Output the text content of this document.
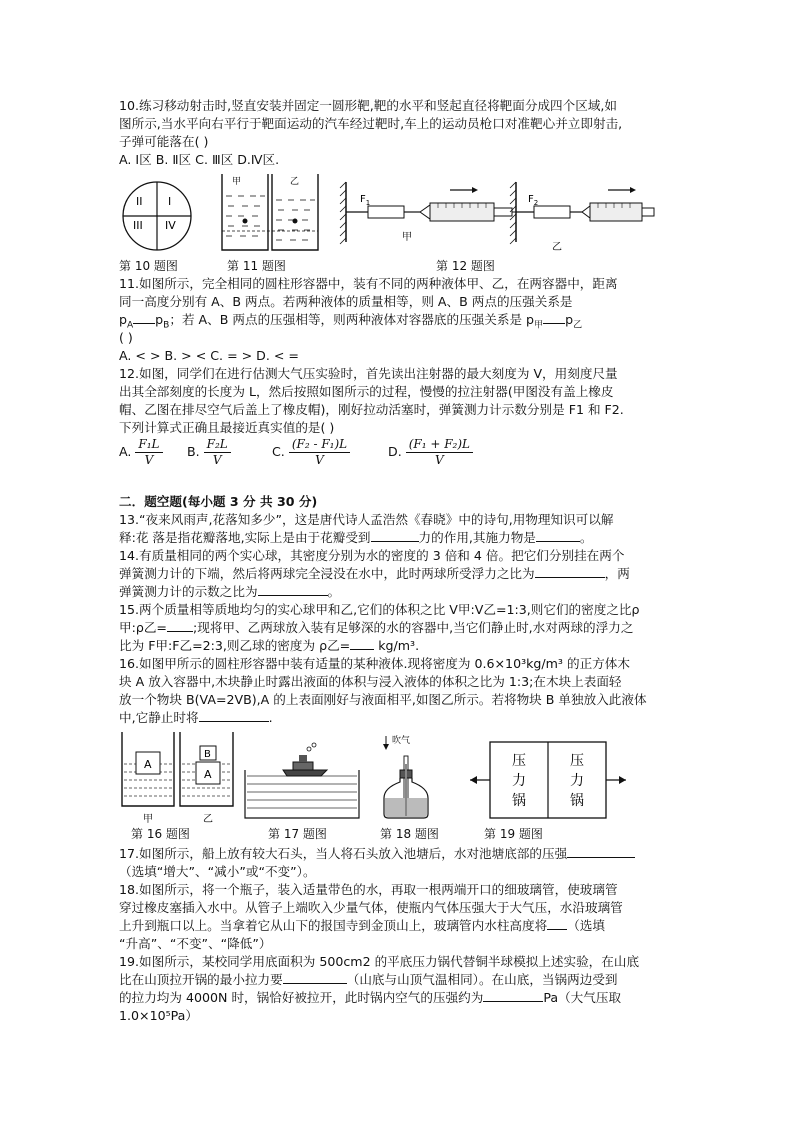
10.练习移动射击时,竖直安装并固定一圆形靶,靶的水平和竖起直径将靶面分成四个区域,如
图所示,当水平向右平行于靶面运动的汽车经过靶时,车上的运动员枪口对准靶心并立即射击,
子弹可能落在( )
A. Ⅰ区 B. Ⅱ区 C. Ⅲ区 D.Ⅳ区.
I
II
III IV
甲	乙
$F_1$
甲
$F_2$
乙
第 10 题图	第 11 题图	第 12 题图
11.如图所示，完全相同的圆柱形容器中，装有不同的两种液体甲、乙，在两容器中，距离
同一高度分别有 A、B 两点。若两种液体的质量相等，则 A、B 两点的压强关系是
$p_A$ $p_B$；若 A、B 两点的压强相等，则两种液体对容器底的压强关系是 $p_甲$ $p_乙$
( )
A. < > B. > < C. = > D. < =
12.如图，同学们在进行估测大气压实验时，首先读出注射器的最大刻度为 V，用刻度尺量
出其全部刻度的长度为 L，然后按照如图所示的过程，慢慢的拉注射器(甲图没有盖上橡皮
帽、乙图在排尽空气后盖上了橡皮帽)，刚好拉动活塞时，弹簧测力计示数分别是 F1 和 F2.
下列计算式正确且最接近真实值的是( )
A. $\frac{\text{F₁L}}{V} B$. $\frac{\text{F₂L}}{V}$	C. $\frac{\text{(F₂ - F₁)L}}{V}$	D. $\frac{\text{(F₁ + F₂)L}}{V}$
二．题空题(每小题 3 分 共 30 分)
13.“夜来风雨声,花落知多少”，这是唐代诗人孟浩然《春晓》中的诗句,用物理知识可以解
释:花 落是指花瓣落地,实际上是由于花瓣受到	力的作用,其施力物是	。
14.有质量相同的两个实心球，其密度分别为水的密度的 3 倍和 4 倍。把它们分别挂在两个
弹簧测力计的下端，然后将两球完全浸没在水中，此时两球所受浮力之比为	，两
弹簧测力计的示数之比为	。
15.两个质量相等质地均匀的实心球甲和乙,它们的体积之比 V甲:V乙=1:3,则它们的密度之比ρ
甲:ρ乙= ;现将甲、乙两球放入装有足够深的水的容器中,当它们静止时,水对两球的浮力之
比为 F甲:F乙=2:3,则乙球的密度为 ρ乙= kg/m³.
16.如图甲所示的圆柱形容器中装有适量的某种液体.现将密度为 0.6×10³kg/m³ 的正方体木
块 A 放入容器中,木块静止时露出液面的体积与浸入液体的体积之比为 1:3;在木块上表面轻
放一个物块 B(VA=2VB),A 的上表面刚好与液面相平,如图乙所示。若将物块 B 单独放入此液体
中,它静止时将	.
A
A
B
甲	乙
吹气
压
力
锅
压
力
锅
第 16 题图	第 17 题图	第 18 题图	第 19 题图
17.如图所示，船上放有较大石头，当人将石头放入池塘后，水对池塘底部的压强
（选填“增大”、“减小”或“不变”）。
18.如图所示，将一个瓶子，装入适量带色的水，再取一根两端开口的细玻璃管，使玻璃管
穿过橡皮塞插入水中。从管子上端吹入少量气体，使瓶内气体压强大于大气压，水沿玻璃管
上升到瓶口以上。当拿着它从山下的报国寺到金顶山上，玻璃管内水柱高度将 （选填
“升高”、“不变”、“降低”）
19.如图所示，某校同学用底面积为 500cm2 的平底压力锅代替铜半球模拟上述实验，在山底
比在山顶拉开锅的最小拉力要	（山底与山顶气温相同）。在山底，当锅两边受到
的拉力均为 4000N 时，锅恰好被拉开，此时锅内空气的压强约为	Pa（大气压取
1.0×10⁵Pa）
